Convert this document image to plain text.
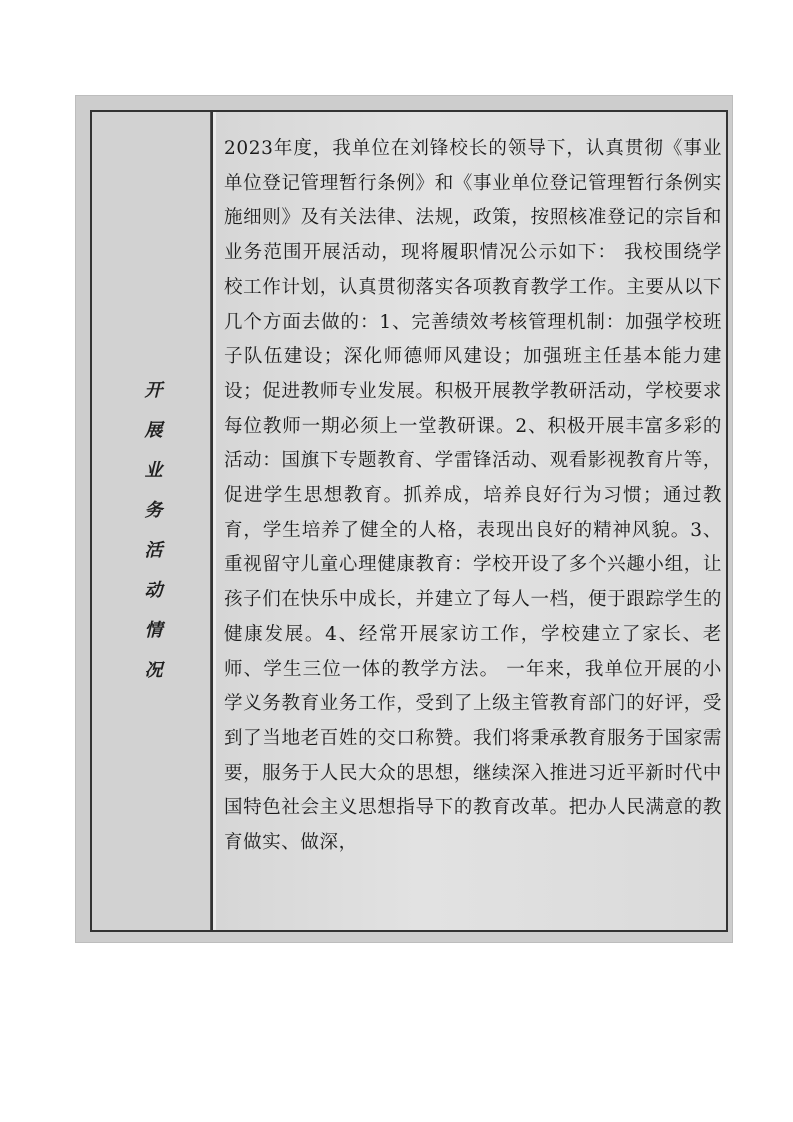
开展业务活动情况

2023年度，我单位在刘锋校长的领导下，认真贯彻《事业单位登记管理暂行条例》和《事业单位登记管理暂行条例实施细则》及有关法律、法规，政策，按照核准登记的宗旨和业务范围开展活动，现将履职情况公示如下： 我校围绕学校工作计划，认真贯彻落实各项教育教学工作。主要从以下几个方面去做的：1、完善绩效考核管理机制：加强学校班子队伍建设；深化师德师风建设；加强班主任基本能力建设；促进教师专业发展。积极开展教学教研活动，学校要求每位教师一期必须上一堂教研课。2、积极开展丰富多彩的活动：国旗下专题教育、学雷锋活动、观看影视教育片等，促进学生思想教育。抓养成，培养良好行为习惯；通过教育，学生培养了健全的人格，表现出良好的精神风貌。3、重视留守儿童心理健康教育：学校开设了多个兴趣小组，让孩子们在快乐中成长，并建立了每人一档，便于跟踪学生的健康发展。4、经常开展家访工作，学校建立了家长、老师、学生三位一体的教学方法。 一年来，我单位开展的小学义务教育业务工作，受到了上级主管教育部门的好评，受到了当地老百姓的交口称赞。我们将秉承教育服务于国家需要，服务于人民大众的思想，继续深入推进习近平新时代中国特色社会主义思想指导下的教育改革。把办人民满意的教育做实、做深，
